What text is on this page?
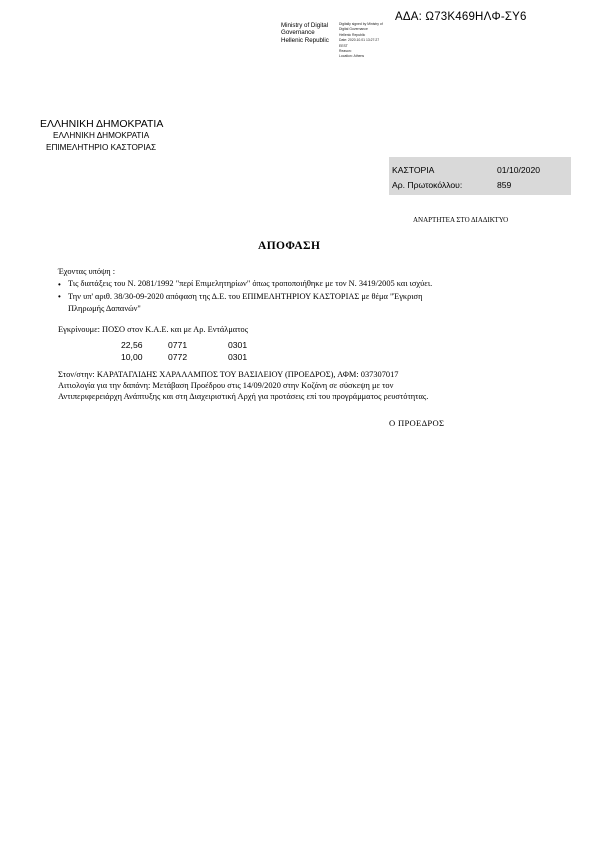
ΑΔΑ: Ω73Κ469ΗΛΦ-ΣΥ6
Ministry of Digital
Governance
Hellenic Republic
Digitally signed by Ministry of
Digital Governance
Hellenic Republic
Date: 2020.10.01 13:27:27
EEST
Reason:
Location: Athens
ΕΛΛΗΝΙΚΗ ΔΗΜΟΚΡΑΤΙΑ
ΕΛΛΗΝΙΚΗ ΔΗΜΟΚΡΑΤΙΑ
ΕΠΙΜΕΛΗΤΗΡΙΟ ΚΑΣΤΟΡΙΑΣ
ΚΑΣΤΟΡΙΑ	01/10/2020
Αρ. Πρωτοκόλλου:	859
ΑΝΑΡΤΗΤΕΑ ΣΤΟ ΔΙΑΔΙΚΤΥΟ
ΑΠΟΦΑΣΗ
Έχοντας υπόψη :
• Τις διατάξεις του Ν. 2081/1992 "περί Επιμελητηρίων" όπως τροποποιήθηκε με τον Ν. 3419/2005 και ισχύει.
• Την υπ' αριθ. 38/30-09-2020 απόφαση της Δ.Ε. του ΕΠΙΜΕΛΗΤΗΡΙΟΥ ΚΑΣΤΟΡΙΑΣ με θέμα "Έγκριση
Πληρωμής Δαπανών"
Εγκρίνουμε: ΠΟΣΟ στον Κ.Α.Ε. και με Αρ. Εντάλματος
22,56	0771	0301
10,00	0772	0301
Στον/στην: ΚΑΡΑΤΑΓΛΙΔΗΣ ΧΑΡΑΛΑΜΠΟΣ ΤΟΥ ΒΑΣΙΛΕΙΟΥ (ΠΡΟΕΔΡΟΣ), ΑΦΜ: 037307017
Αιτιολογία για την δαπάνη: Μετάβαση Προέδρου στις 14/09/2020 στην Κοζάνη σε σύσκεψη με τον
Αντιπεριφερειάρχη Ανάπτυξης και στη Διαχειριστική Αρχή για προτάσεις επί του προγράμματος ρευστότητας.
Ο ΠΡΟΕΔΡΟΣ
